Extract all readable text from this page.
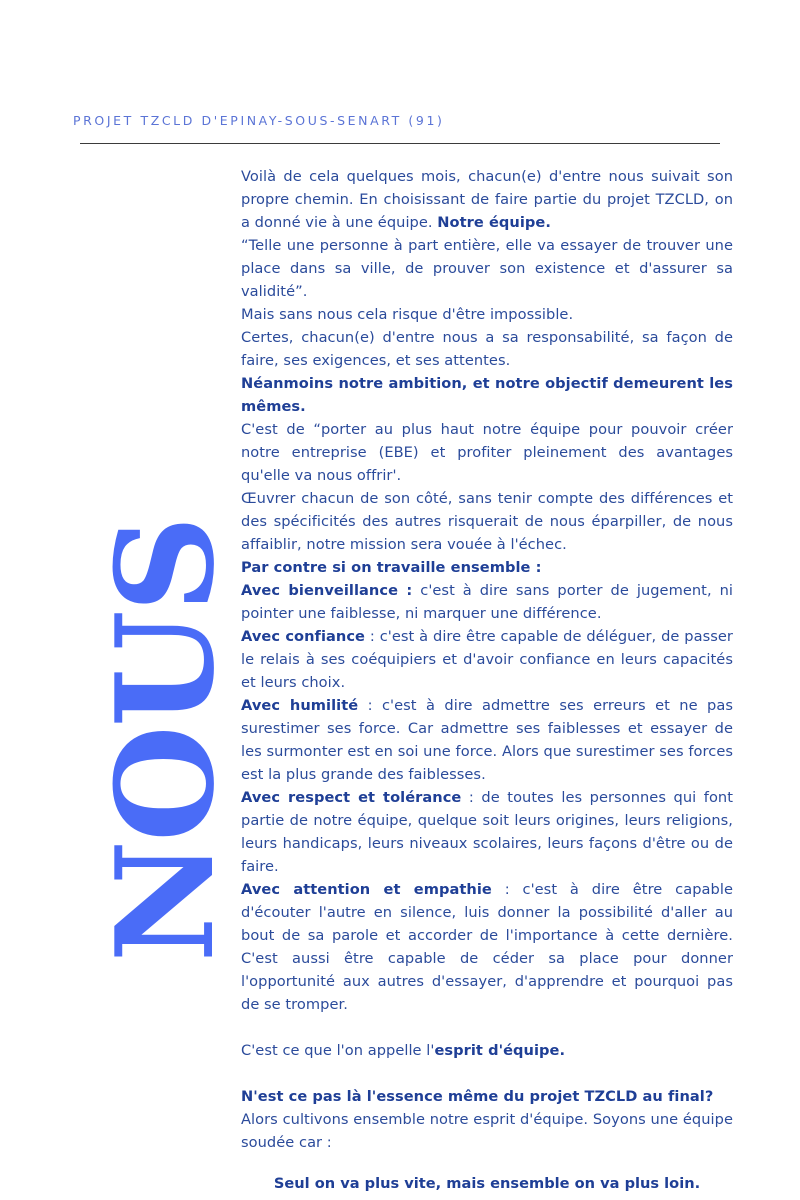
PROJET TZCLD D'EPINAY-SOUS-SENART (91)
NOUS

Voilà de cela quelques mois, chacun(e) d'entre nous suivait son propre chemin. En choisissant de faire partie du projet TZCLD, on a donné vie à une équipe. Notre équipe.

“Telle une personne à part entière, elle va essayer de trouver une place dans sa ville, de prouver son existence et d'assurer sa validité”.

Mais sans nous cela risque d'être impossible.

Certes, chacun(e) d'entre nous a sa responsabilité, sa façon de faire, ses exigences, et ses attentes.

Néanmoins notre ambition, et notre objectif demeurent les mêmes.

C'est de “porter au plus haut notre équipe pour pouvoir créer notre entreprise (EBE) et profiter pleinement des avantages qu'elle va nous offrir'.

Œuvrer chacun de son côté, sans tenir compte des différences et des spécificités des autres risquerait de nous éparpiller, de nous affaiblir, notre mission sera vouée à l'échec.

Par contre si on travaille ensemble :

Avec bienveillance : c'est à dire sans porter de jugement, ni pointer une faiblesse, ni marquer une différence.

Avec confiance : c'est à dire être capable de déléguer, de passer le relais à ses coéquipiers et d'avoir confiance en leurs capacités et leurs choix.

Avec humilité : c'est à dire admettre ses erreurs et ne pas surestimer ses force. Car admettre ses faiblesses et essayer de les surmonter est en soi une force. Alors que surestimer ses forces est la plus grande des faiblesses.

Avec respect et tolérance : de toutes les personnes qui font partie de notre équipe, quelque soit leurs origines, leurs religions, leurs handicaps, leurs niveaux scolaires, leurs façons d'être ou de faire.

Avec attention et empathie : c'est à dire être capable d'écouter l'autre en silence, luis donner la possibilité d'aller au bout de sa parole et accorder de l'importance à cette dernière. C'est aussi être capable de céder sa place pour donner l'opportunité aux autres d'essayer, d'apprendre et pourquoi pas de se tromper.

C'est ce que l'on appelle l'esprit d'équipe.

N'est ce pas là l'essence même du projet TZCLD au final?

Alors cultivons ensemble notre esprit d'équipe. Soyons une équipe soudée car :

Seul on va plus vite, mais ensemble on va plus loin.
